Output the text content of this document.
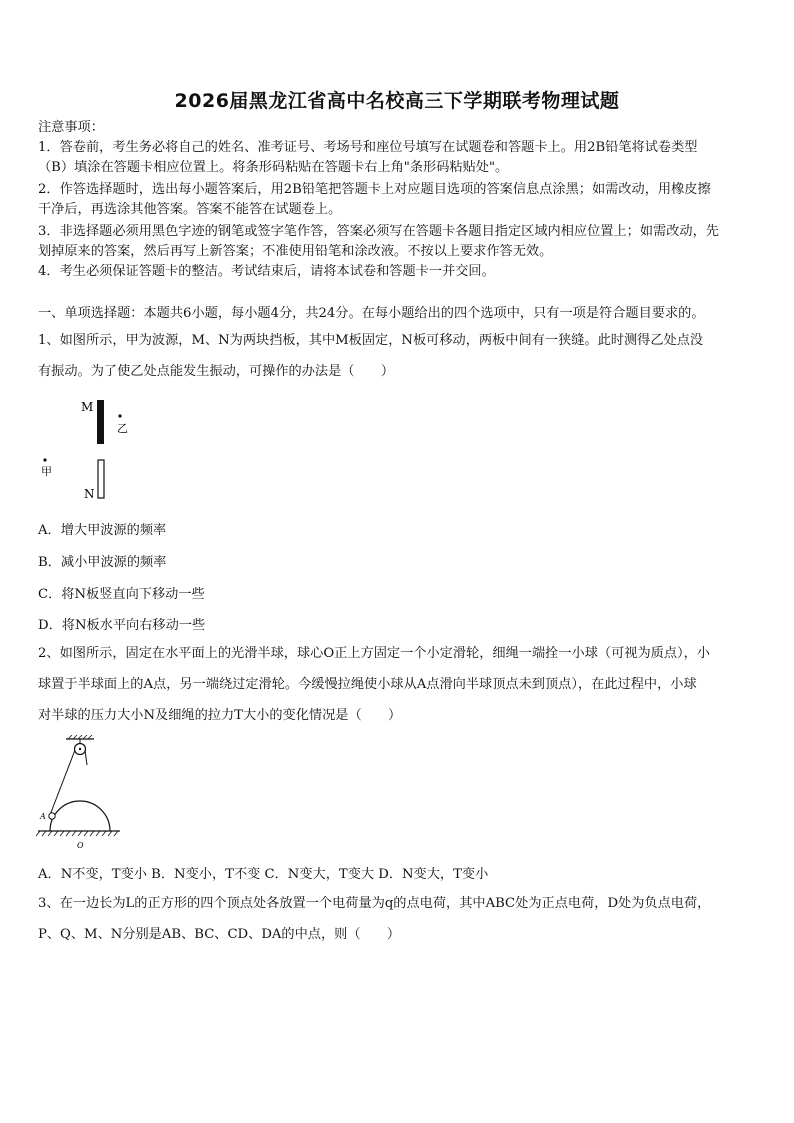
2026届黑龙江省高中名校高三下学期联考物理试题
注意事项：
1．答卷前，考生务必将自己的姓名、准考证号、考场号和座位号填写在试题卷和答题卡上。用2B铅笔将试卷类型
（B）填涂在答题卡相应位置上。将条形码粘贴在答题卡右上角"条形码粘贴处"。
2．作答选择题时，选出每小题答案后，用2B铅笔把答题卡上对应题目选项的答案信息点涂黑；如需改动，用橡皮擦
干净后，再选涂其他答案。答案不能答在试题卷上。
3．非选择题必须用黑色字迹的钢笔或签字笔作答，答案必须写在答题卡各题目指定区域内相应位置上；如需改动，先
划掉原来的答案，然后再写上新答案；不准使用铅笔和涂改液。不按以上要求作答无效。
4．考生必须保证答题卡的整洁。考试结束后，请将本试卷和答题卡一并交回。
一、单项选择题：本题共6小题，每小题4分，共24分。在每小题给出的四个选项中，只有一项是符合题目要求的。
1、如图所示，甲为波源，M、N为两块挡板，其中M板固定，N板可移动，两板中间有一狭缝。此时测得乙处点没
有振动。为了使乙处点能发生振动，可操作的办法是（　　）
M
乙
N
甲
A．增大甲波源的频率
B．减小甲波源的频率
C．将N板竖直向下移动一些
D．将N板水平向右移动一些
2、如图所示，固定在水平面上的光滑半球，球心O正上方固定一个小定滑轮，细绳一端拴一小球（可视为质点），小
球置于半球面上的A点，另一端绕过定滑轮。今缓慢拉绳使小球从A点滑向半球顶点未到顶点），在此过程中，小球
对半球的压力大小N及细绳的拉力T大小的变化情况是（　　）
A
O
A．N不变，T变小 B．N变小，T不变 C．N变大，T变大 D．N变大，T变小
3、在一边长为L的正方形的四个顶点处各放置一个电荷量为q的点电荷，其中ABC处为正点电荷，D处为负点电荷，
P、Q、M、N分别是AB、BC、CD、DA的中点，则（　　）
